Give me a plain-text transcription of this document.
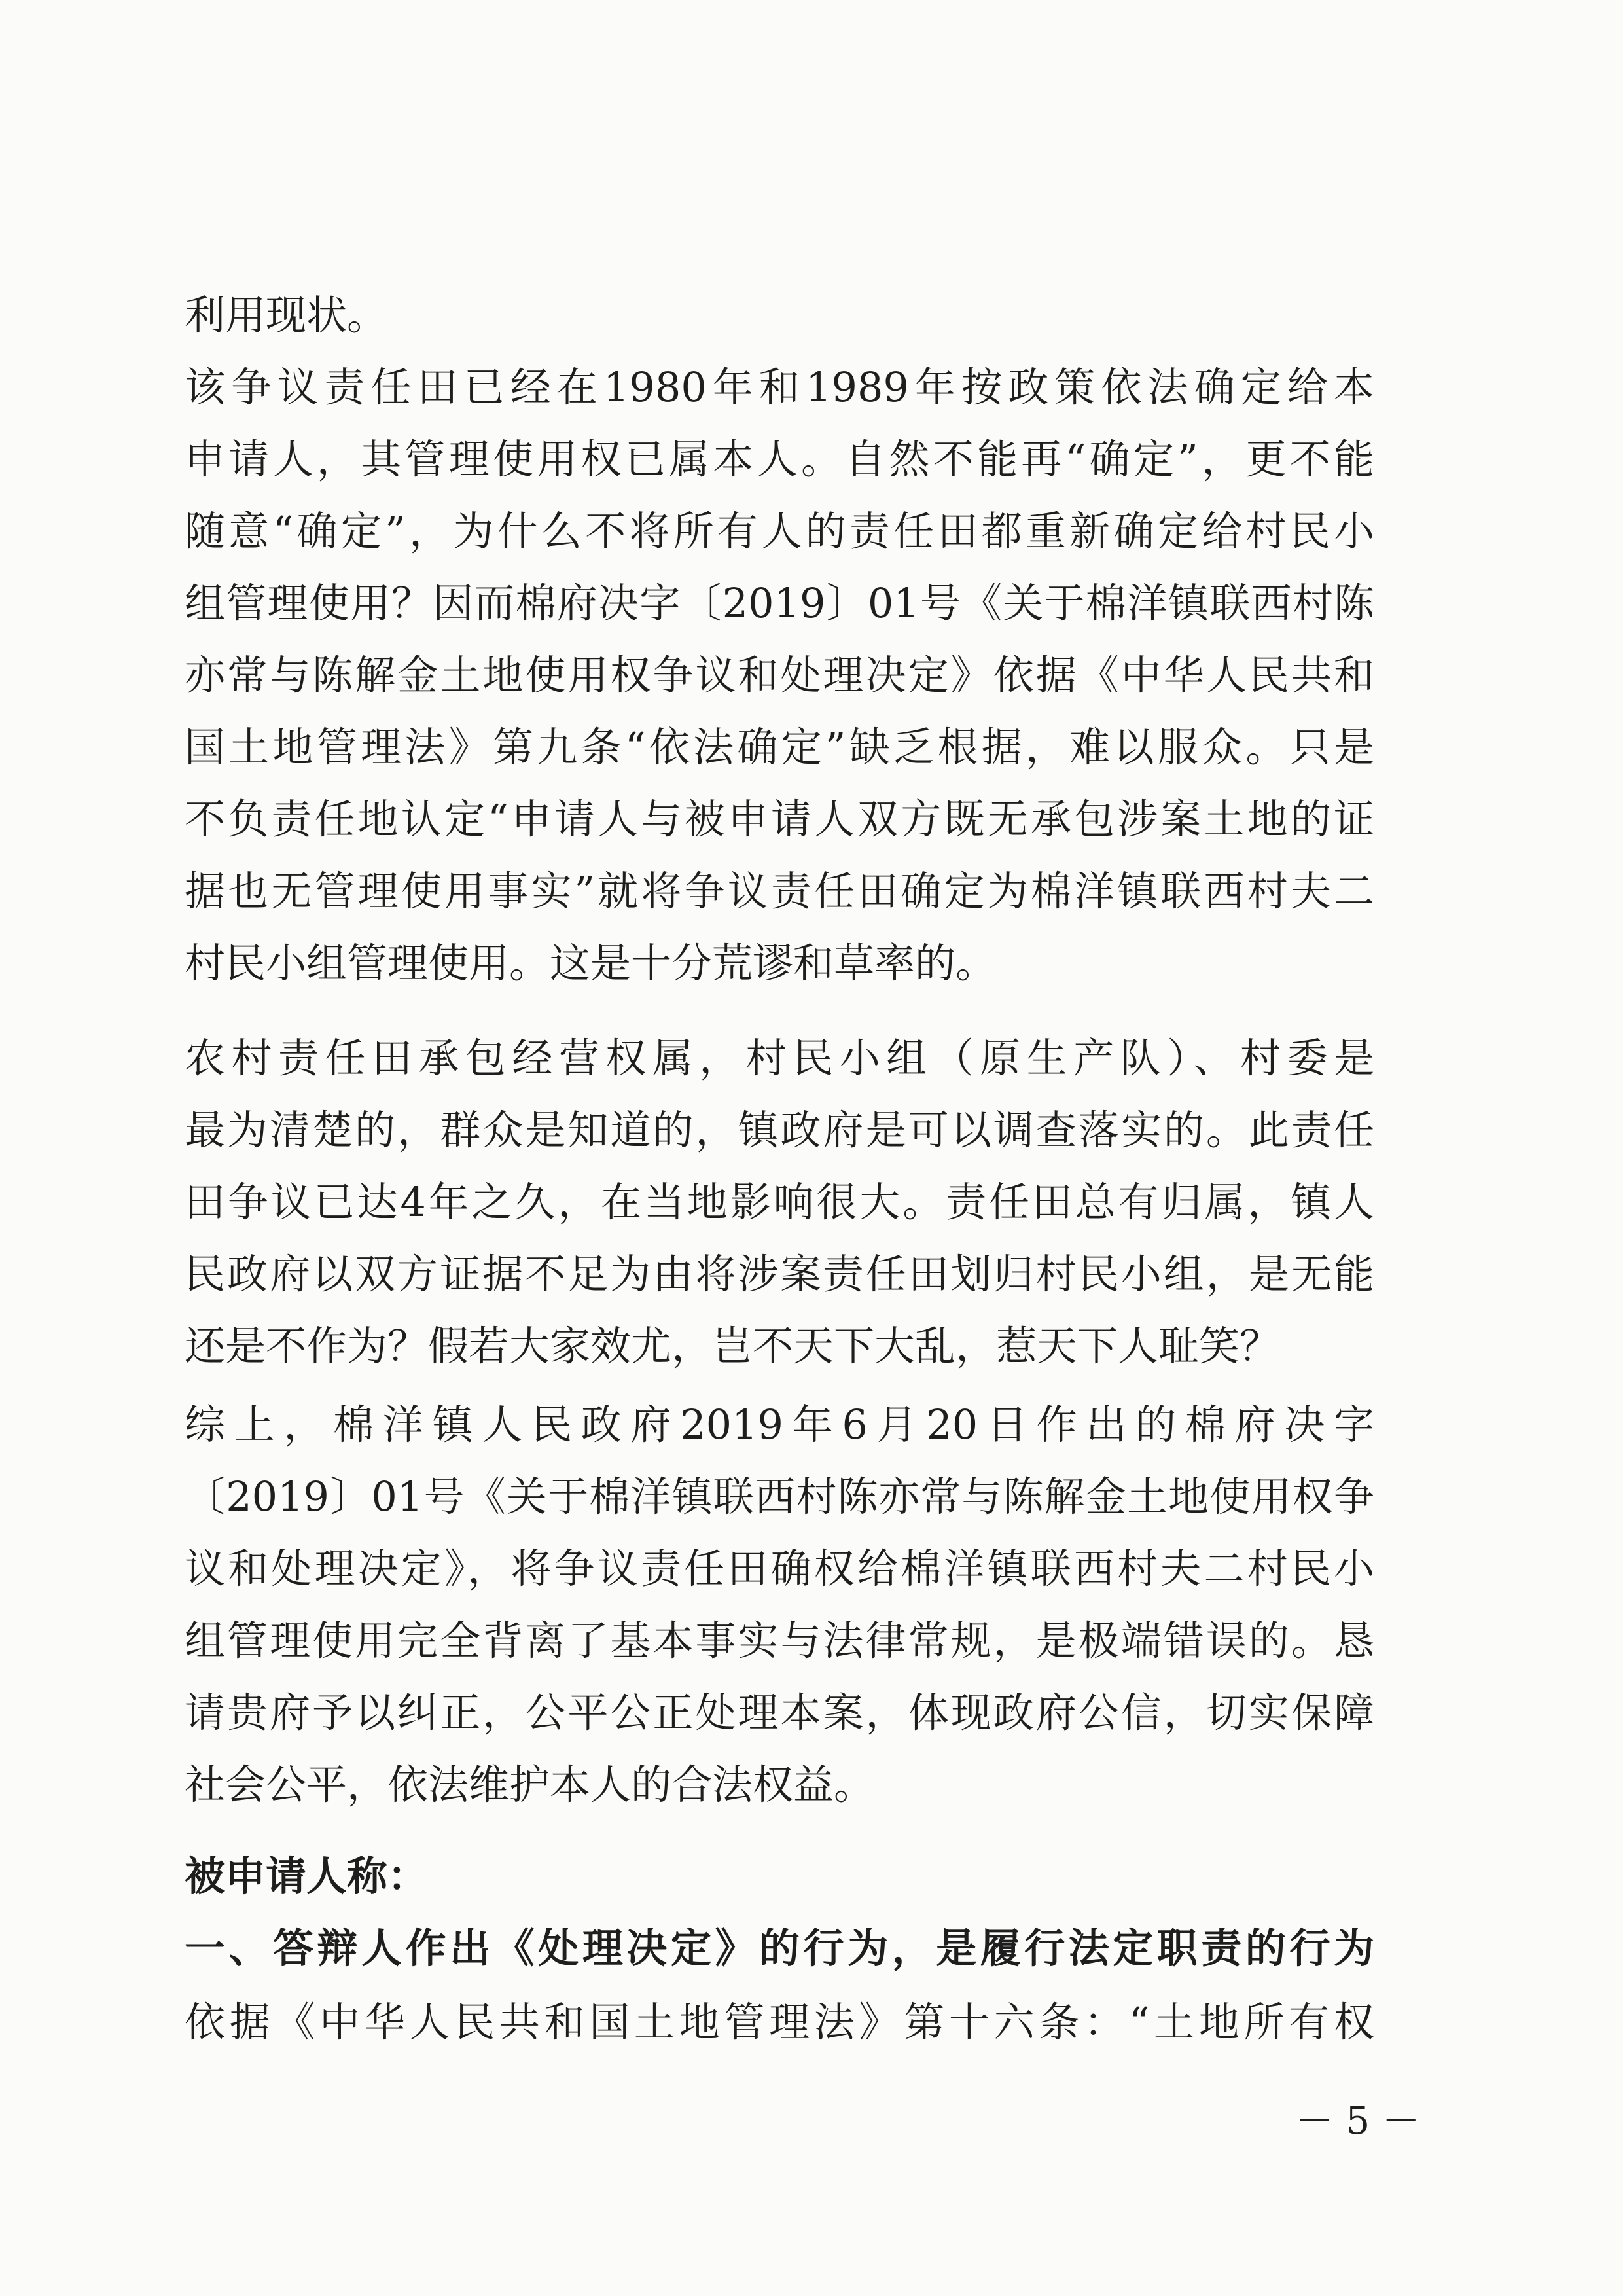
利用现状。
该争议责任田已经在1980年和1989年按政策依法确定给本
申请人，其管理使用权已属本人。自然不能再“确定”，更不能
随意“确定”，为什么不将所有人的责任田都重新确定给村民小
组管理使用？因而棉府决字〔2019〕01号《关于棉洋镇联西村陈
亦常与陈解金土地使用权争议和处理决定》依据《中华人民共和
国土地管理法》第九条“依法确定”缺乏根据，难以服众。只是
不负责任地认定“申请人与被申请人双方既无承包涉案土地的证
据也无管理使用事实”就将争议责任田确定为棉洋镇联西村夫二
村民小组管理使用。这是十分荒谬和草率的。
农村责任田承包经营权属，村民小组（原生产队）、村委是
最为清楚的，群众是知道的，镇政府是可以调查落实的。此责任
田争议已达4年之久，在当地影响很大。责任田总有归属，镇人
民政府以双方证据不足为由将涉案责任田划归村民小组，是无能
还是不作为？假若大家效尤，岂不天下大乱，惹天下人耻笑？
综上，棉洋镇人民政府2019年6月20日作出的棉府决字
〔2019〕01号《关于棉洋镇联西村陈亦常与陈解金土地使用权争
议和处理决定》，将争议责任田确权给棉洋镇联西村夫二村民小
组管理使用完全背离了基本事实与法律常规，是极端错误的。恳
请贵府予以纠正，公平公正处理本案，体现政府公信，切实保障
社会公平，依法维护本人的合法权益。
被申请人称：
一、答辩人作出《处理决定》的行为，是履行法定职责的行为
依据《中华人民共和国土地管理法》第十六条：“土地所有权
－ 5 －
